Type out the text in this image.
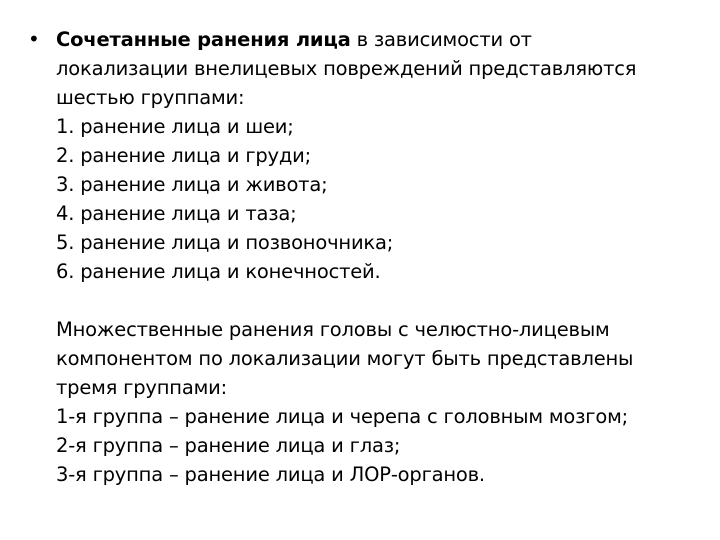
• Сочетанные ранения лица в зависимости от
локализации внелицевых повреждений представляются
шестью группами:
1. ранение лица и шеи;
2. ранение лица и груди;
3. ранение лица и живота;
4. ранение лица и таза;
5. ранение лица и позвоночника;
6. ранение лица и конечностей.
Множественные ранения головы с челюстно-лицевым
компонентом по локализации могут быть представлены
тремя группами:
1-я группа – ранение лица и черепа с головным мозгом;
2-я группа – ранение лица и глаз;
3-я группа – ранение лица и ЛОР-органов.
